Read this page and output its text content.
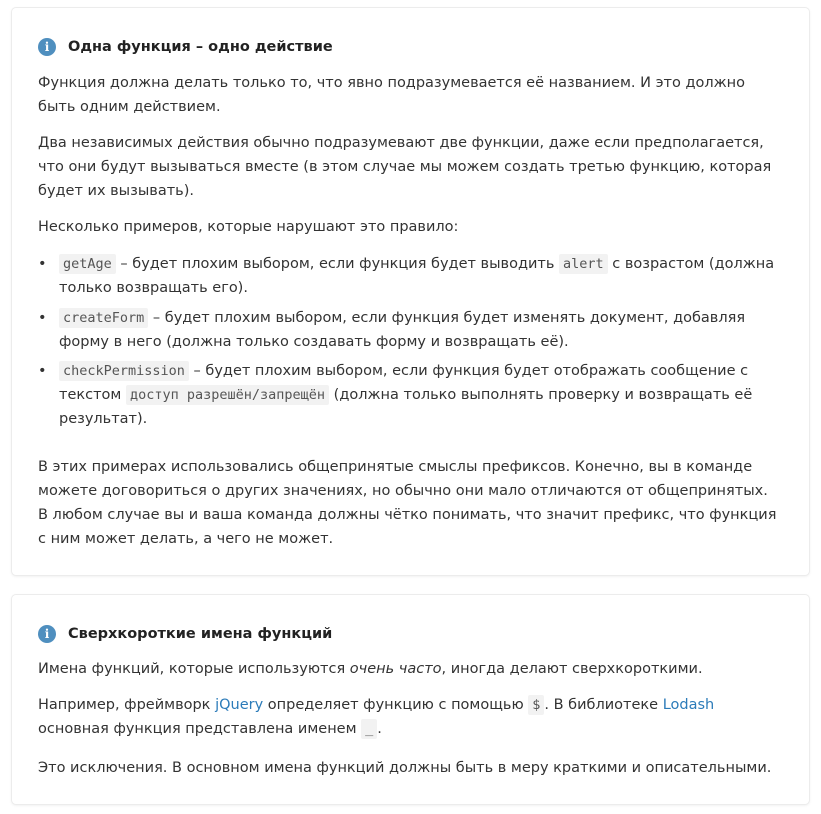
i	Одна функция – одно действие

Функция должна делать только то, что явно подразумевается её названием. И это должно быть одним действием.

Два независимых действия обычно подразумевают две функции, даже если предполагается, что они будут вызываться вместе (в этом случае мы можем создать третью функцию, которая будет их вызывать).

Несколько примеров, которые нарушают это правило:

• getAge – будет плохим выбором, если функция будет выводить alert с возрастом (должна только возвращать его).
• createForm – будет плохим выбором, если функция будет изменять документ, добавляя форму в него (должна только создавать форму и возвращать её).
• checkPermission – будет плохим выбором, если функция будет отображать сообщение с текстом доступ разрешён/запрещён (должна только выполнять проверку и возвращать её результат).

В этих примерах использовались общепринятые смыслы префиксов. Конечно, вы в команде можете договориться о других значениях, но обычно они мало отличаются от общепринятых. В любом случае вы и ваша команда должны чётко понимать, что значит префикс, что функция с ним может делать, а чего не может.

i	Сверхкороткие имена функций

Имена функций, которые используются очень часто, иногда делают сверхкороткими.

Например, фреймворк jQuery определяет функцию с помощью $ . В библиотеке Lodash основная функция представлена именем _ .

Это исключения. В основном имена функций должны быть в меру краткими и описательными.
